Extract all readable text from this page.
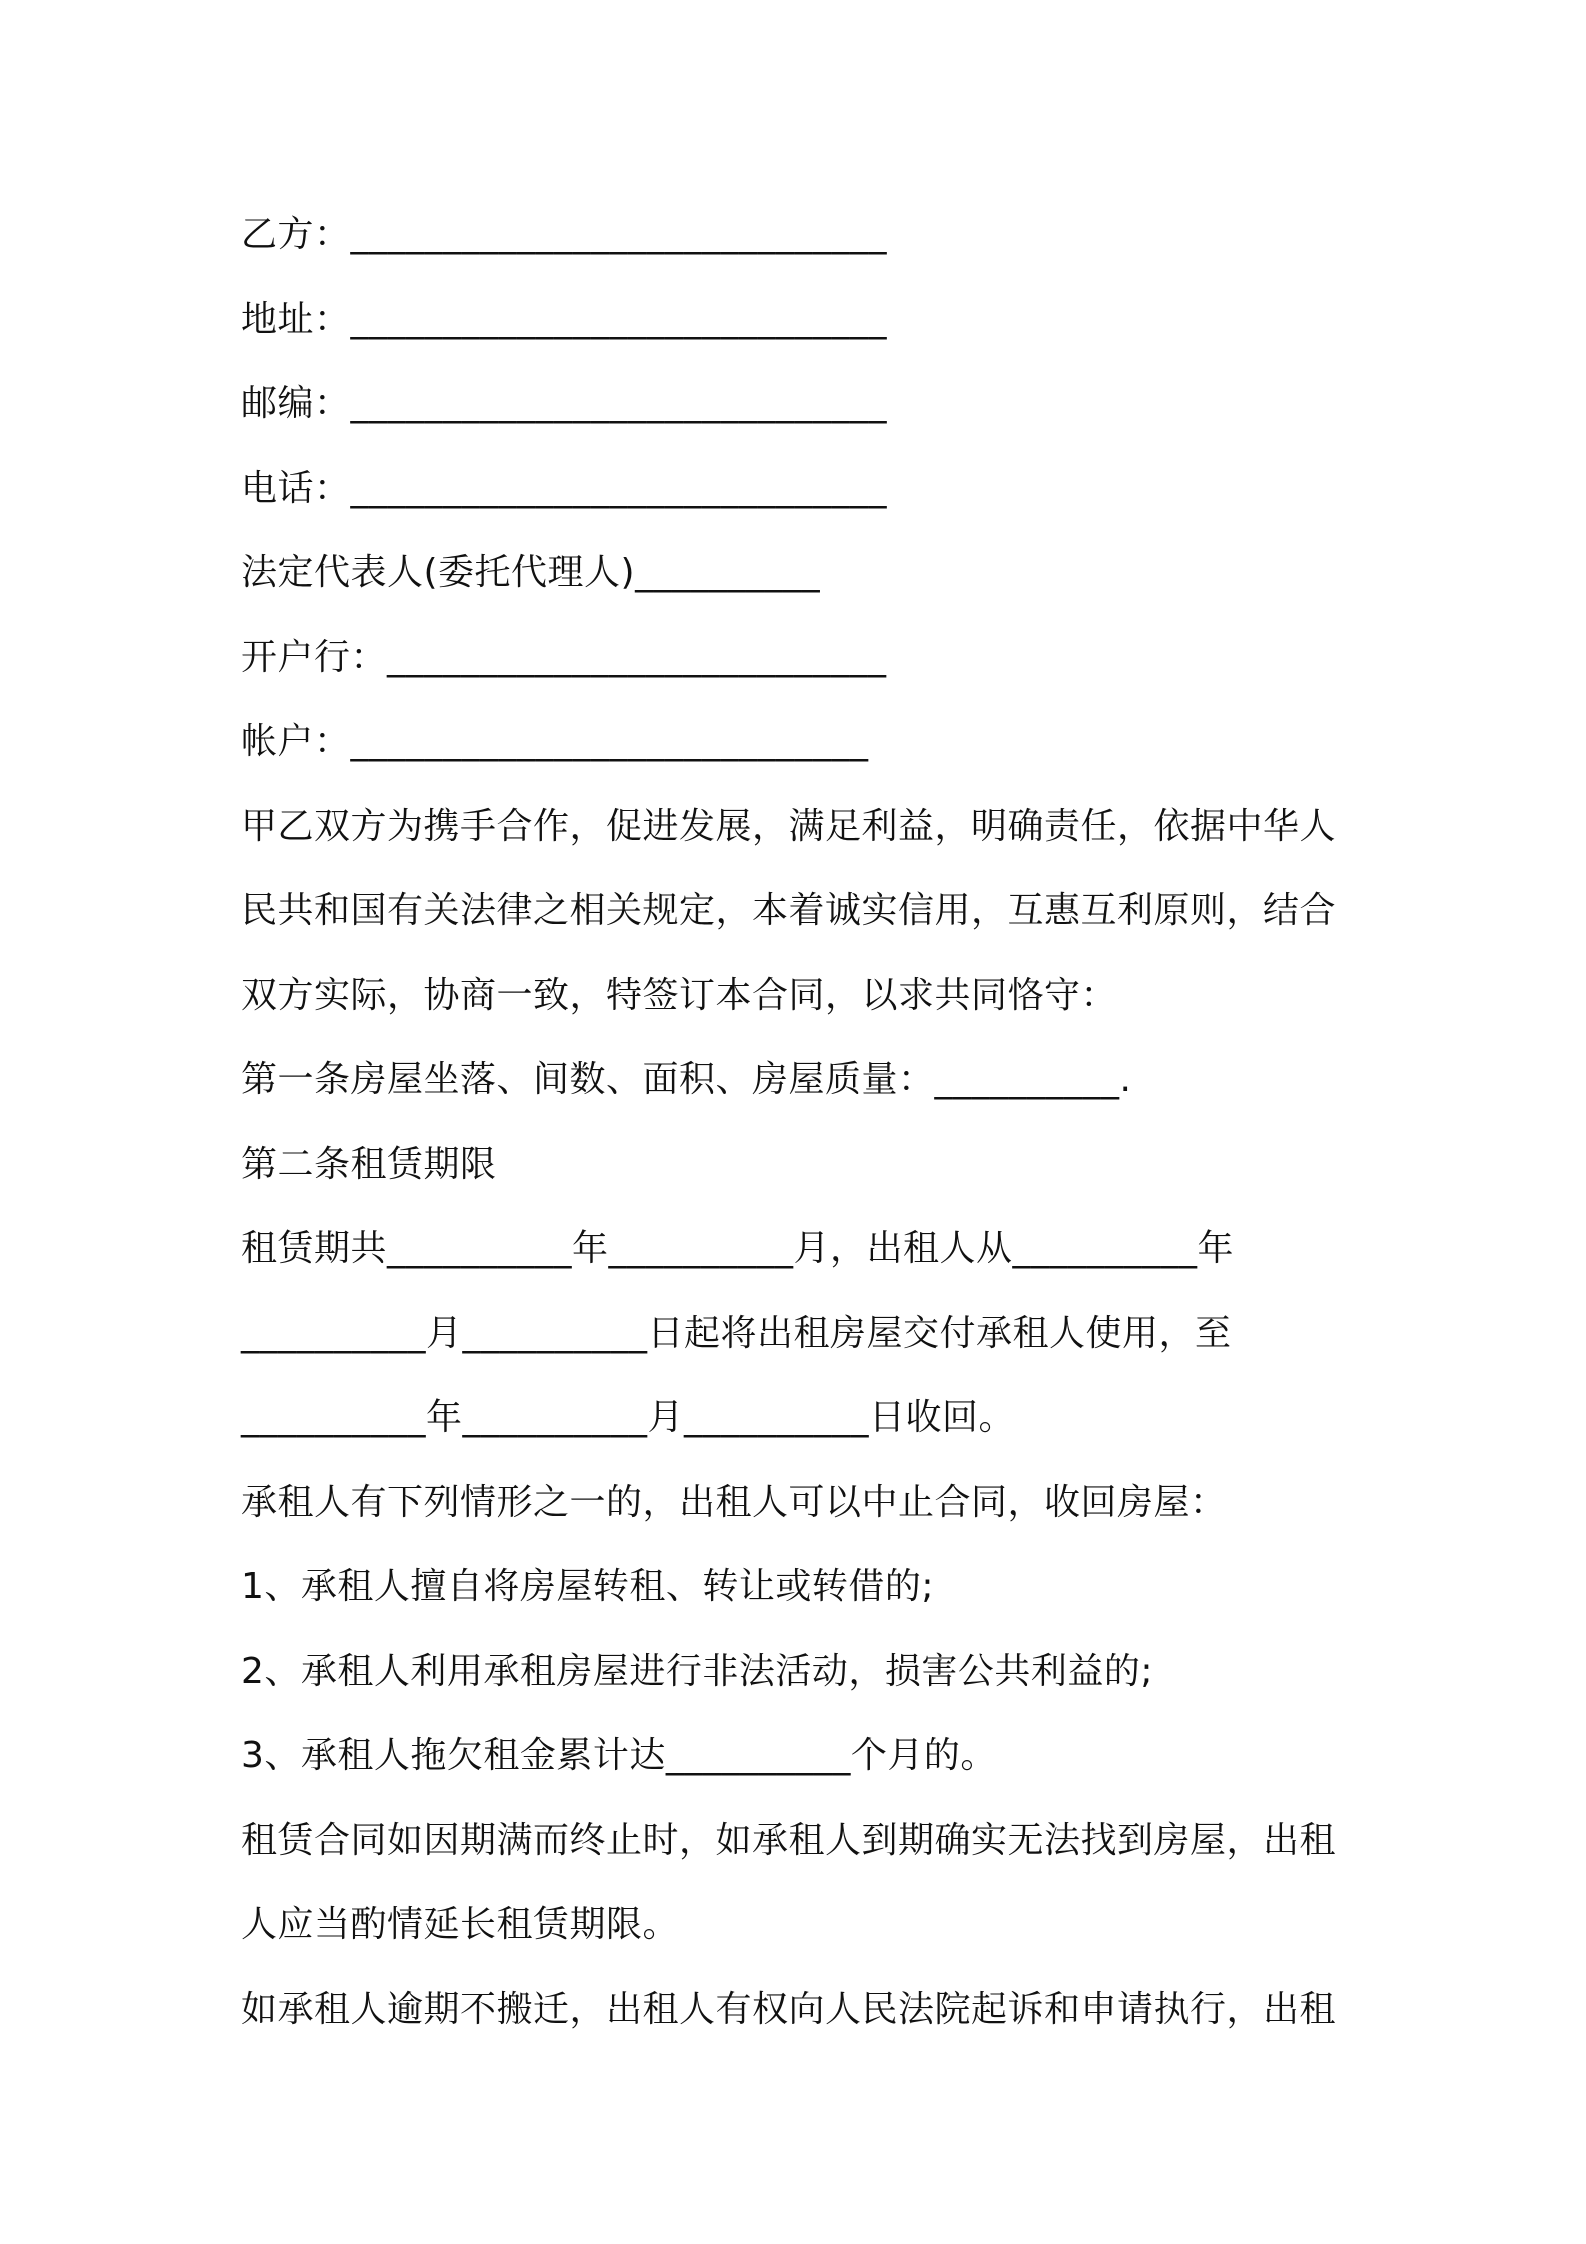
乙方：_____________________________
地址：_____________________________
邮编：_____________________________
电话：_____________________________
法定代表人(委托代理人)__________
开户行：___________________________
帐户：____________________________
甲乙双方为携手合作，促进发展，满足利益，明确责任，依据中华人
民共和国有关法律之相关规定，本着诚实信用，互惠互利原则，结合
双方实际，协商一致，特签订本合同，以求共同恪守：
第一条房屋坐落、间数、面积、房屋质量：__________.
第二条租赁期限
租赁期共__________年__________月，出租人从__________年
__________月__________日起将出租房屋交付承租人使用，至
__________年__________月__________日收回。
承租人有下列情形之一的，出租人可以中止合同，收回房屋：
1、承租人擅自将房屋转租、转让或转借的;
2、承租人利用承租房屋进行非法活动，损害公共利益的;
3、承租人拖欠租金累计达__________个月的。
租赁合同如因期满而终止时，如承租人到期确实无法找到房屋，出租
人应当酌情延长租赁期限。
如承租人逾期不搬迁，出租人有权向人民法院起诉和申请执行，出租
